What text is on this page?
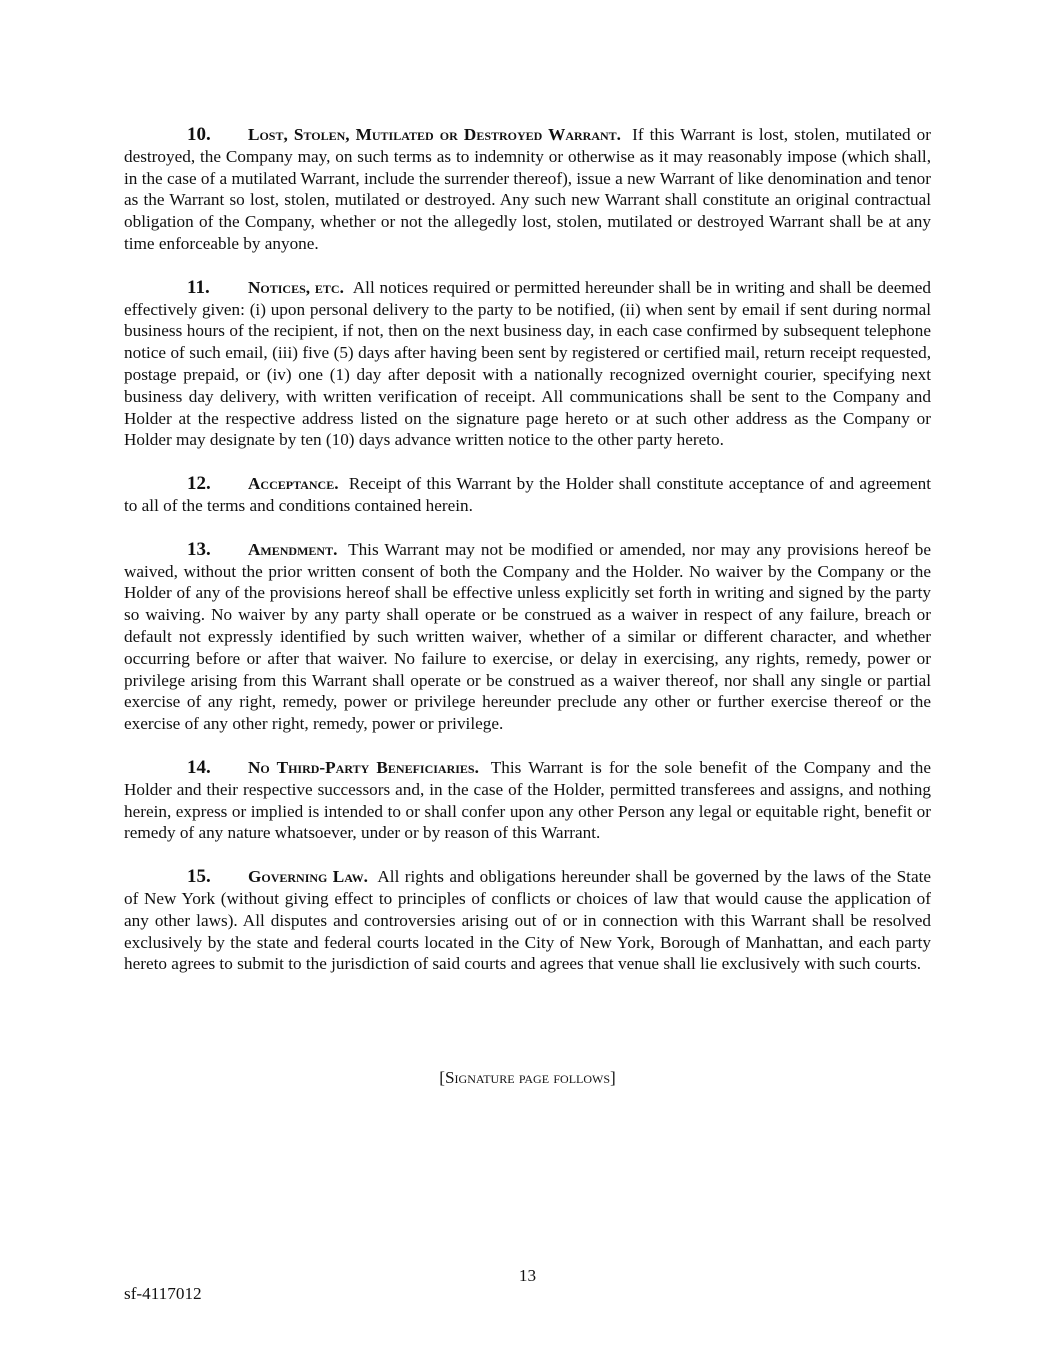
10. Lost, Stolen, Mutilated or Destroyed Warrant. If this Warrant is lost, stolen, mutilated or destroyed, the Company may, on such terms as to indemnity or otherwise as it may reasonably impose (which shall, in the case of a mutilated Warrant, include the surrender thereof), issue a new Warrant of like denomination and tenor as the Warrant so lost, stolen, mutilated or destroyed. Any such new Warrant shall constitute an original contractual obligation of the Company, whether or not the allegedly lost, stolen, mutilated or destroyed Warrant shall be at any time enforceable by anyone.

11. Notices, etc. All notices required or permitted hereunder shall be in writing and shall be deemed effectively given: (i) upon personal delivery to the party to be notified, (ii) when sent by email if sent during normal business hours of the recipient, if not, then on the next business day, in each case confirmed by subsequent telephone notice of such email, (iii) five (5) days after having been sent by registered or certified mail, return receipt requested, postage prepaid, or (iv) one (1) day after deposit with a nationally recognized overnight courier, specifying next business day delivery, with written verification of receipt. All communications shall be sent to the Company and Holder at the respective address listed on the signature page hereto or at such other address as the Company or Holder may designate by ten (10) days advance written notice to the other party hereto.

12. Acceptance. Receipt of this Warrant by the Holder shall constitute acceptance of and agreement to all of the terms and conditions contained herein.

13. Amendment. This Warrant may not be modified or amended, nor may any provisions hereof be waived, without the prior written consent of both the Company and the Holder. No waiver by the Company or the Holder of any of the provisions hereof shall be effective unless explicitly set forth in writing and signed by the party so waiving. No waiver by any party shall operate or be construed as a waiver in respect of any failure, breach or default not expressly identified by such written waiver, whether of a similar or different character, and whether occurring before or after that waiver. No failure to exercise, or delay in exercising, any rights, remedy, power or privilege arising from this Warrant shall operate or be construed as a waiver thereof, nor shall any single or partial exercise of any right, remedy, power or privilege hereunder preclude any other or further exercise thereof or the exercise of any other right, remedy, power or privilege.

14. No Third-Party Beneficiaries. This Warrant is for the sole benefit of the Company and the Holder and their respective successors and, in the case of the Holder, permitted transferees and assigns, and nothing herein, express or implied is intended to or shall confer upon any other Person any legal or equitable right, benefit or remedy of any nature whatsoever, under or by reason of this Warrant.

15. Governing Law. All rights and obligations hereunder shall be governed by the laws of the State of New York (without giving effect to principles of conflicts or choices of law that would cause the application of any other laws). All disputes and controversies arising out of or in connection with this Warrant shall be resolved exclusively by the state and federal courts located in the City of New York, Borough of Manhattan, and each party hereto agrees to submit to the jurisdiction of said courts and agrees that venue shall lie exclusively with such courts.

[Signature page follows]
13
sf-4117012
